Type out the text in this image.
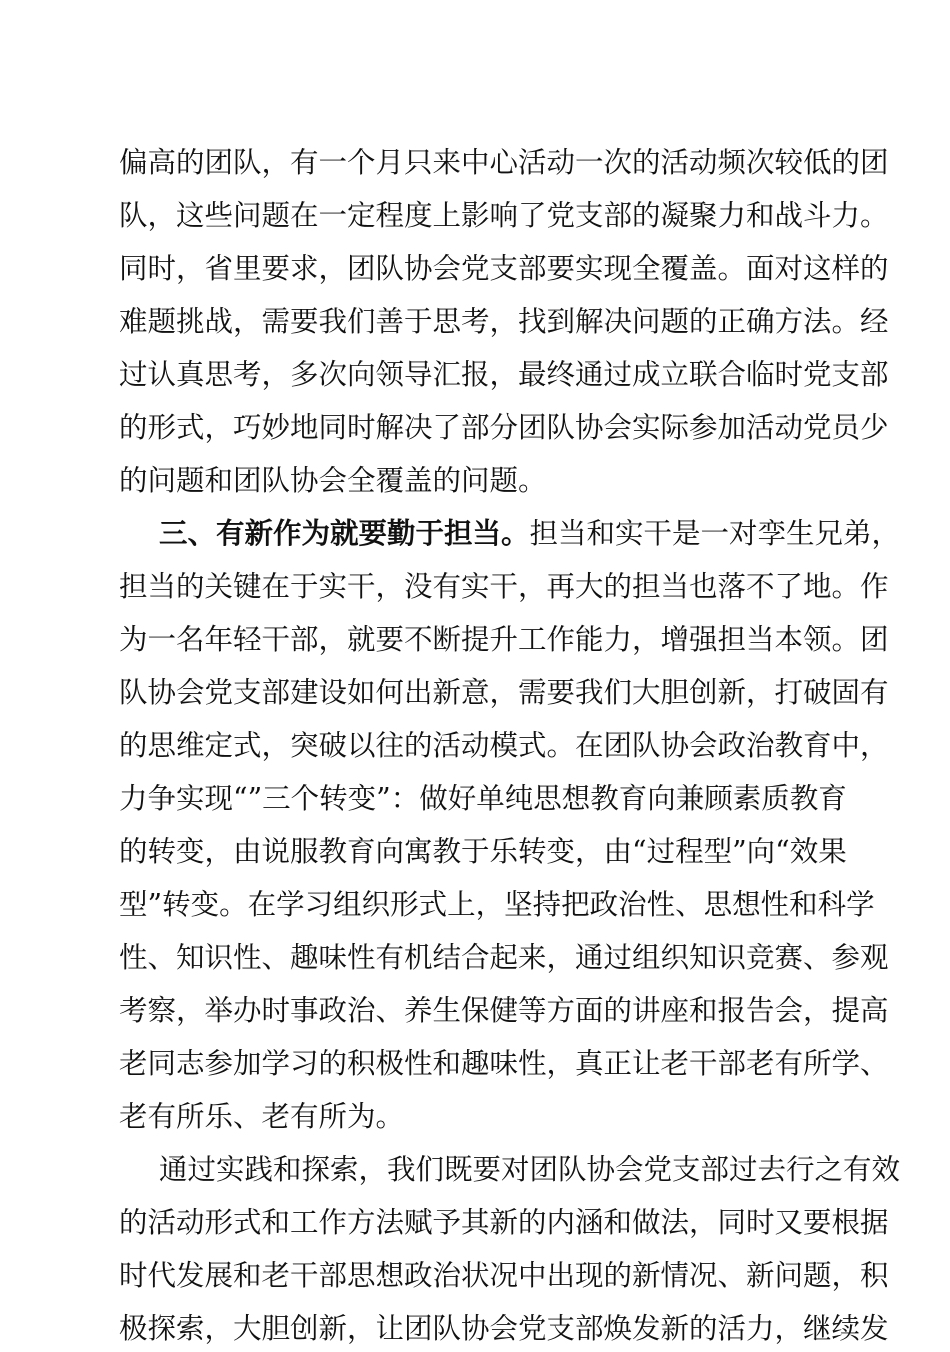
偏高的团队，有一个月只来中心活动一次的活动频次较低的团
队，这些问题在一定程度上影响了党支部的凝聚力和战斗力。
同时，省里要求，团队协会党支部要实现全覆盖。面对这样的
难题挑战，需要我们善于思考，找到解决问题的正确方法。经
过认真思考，多次向领导汇报，最终通过成立联合临时党支部
的形式，巧妙地同时解决了部分团队协会实际参加活动党员少
的问题和团队协会全覆盖的问题。
三、有新作为就要勤于担当。担当和实干是一对孪生兄弟，
担当的关键在于实干，没有实干，再大的担当也落不了地。作
为一名年轻干部，就要不断提升工作能力，增强担当本领。团
队协会党支部建设如何出新意，需要我们大胆创新，打破固有
的思维定式，突破以往的活动模式。在团队协会政治教育中，
力争实现“”三个转变”：做好单纯思想教育向兼顾素质教育
的转变，由说服教育向寓教于乐转变，由“过程型”向“效果
型”转变。在学习组织形式上，坚持把政治性、思想性和科学
性、知识性、趣味性有机结合起来，通过组织知识竞赛、参观
考察，举办时事政治、养生保健等方面的讲座和报告会，提高
老同志参加学习的积极性和趣味性，真正让老干部老有所学、
老有所乐、老有所为。
通过实践和探索，我们既要对团队协会党支部过去行之有效
的活动形式和工作方法赋予其新的内涵和做法，同时又要根据
时代发展和老干部思想政治状况中出现的新情况、新问题，积
极探索，大胆创新，让团队协会党支部焕发新的活力，继续发
